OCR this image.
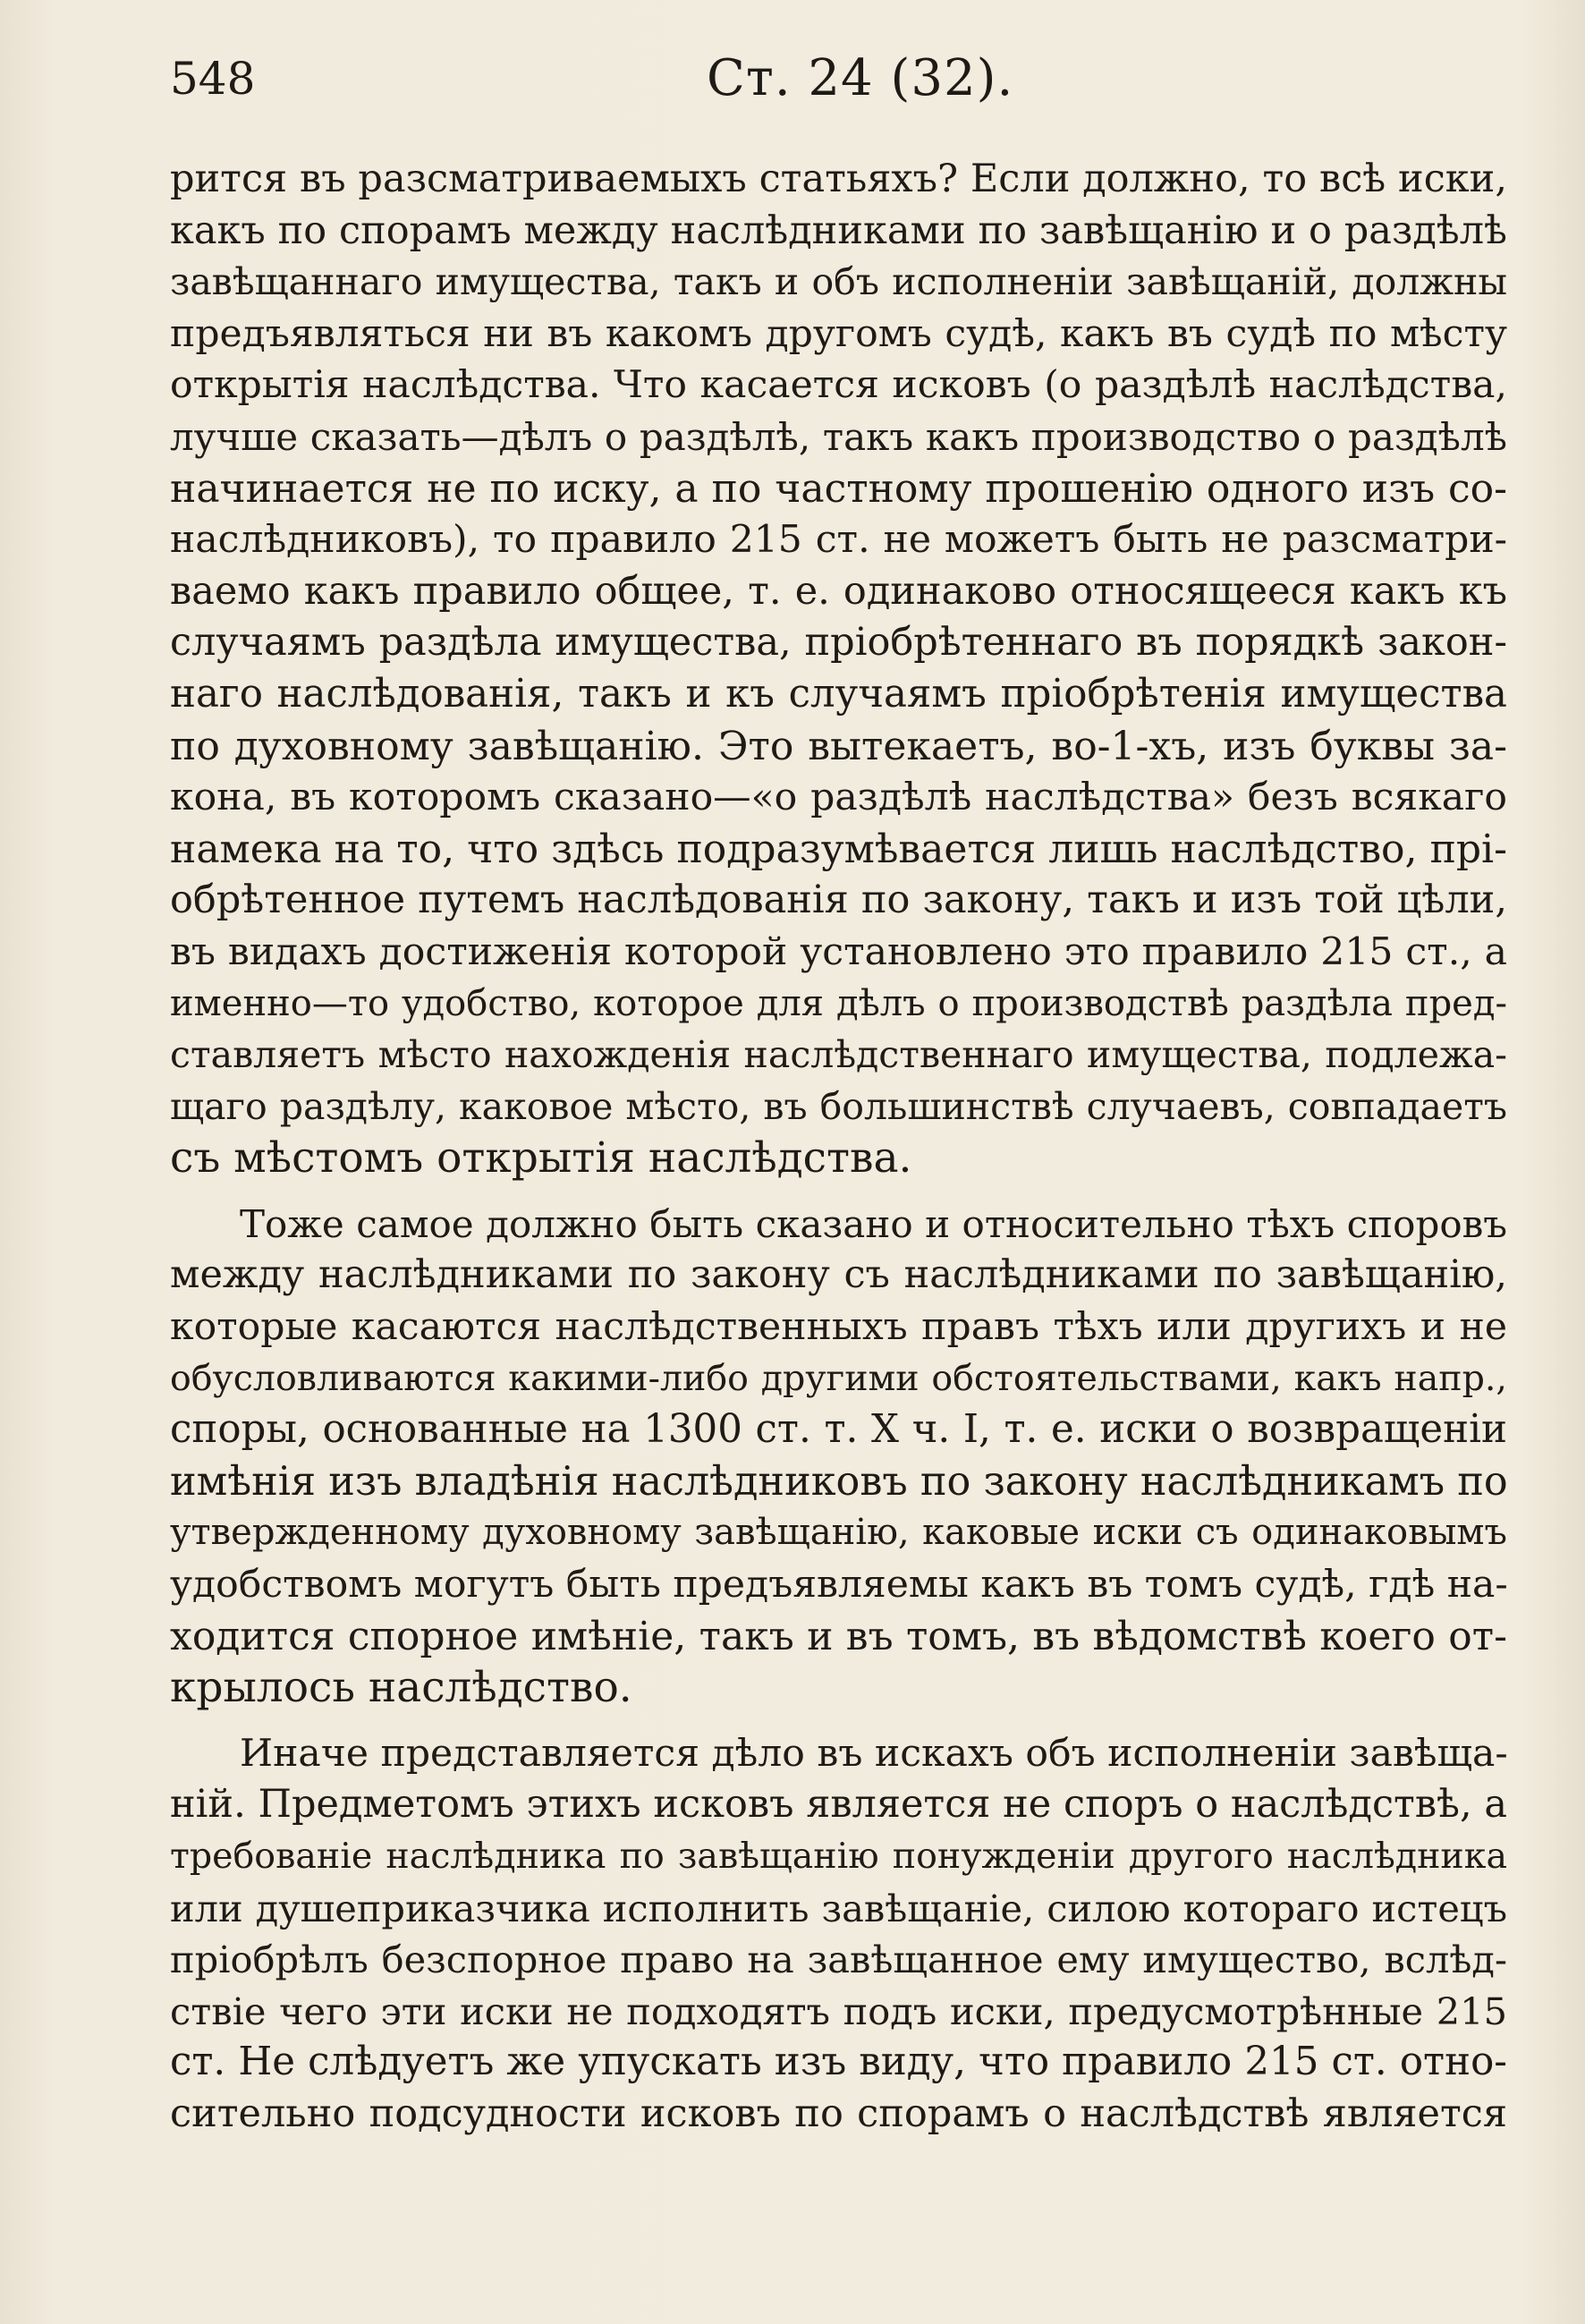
548	Ст. 24 (32).

рится въ разсматриваемыхъ статьяхъ? Если должно, то всѣ иски,
какъ по спорамъ между наслѣдниками по завѣщанію и о раздѣлѣ
завѣщаннаго имущества, такъ и объ исполненіи завѣщаній, должны
предъявляться ни въ какомъ другомъ судѣ, какъ въ судѣ по мѣсту
открытія наслѣдства. Что касается исковъ (о раздѣлѣ наслѣдства,
лучше сказать—дѣлъ о раздѣлѣ, такъ какъ производство о раздѣлѣ
начинается не по иску, а по частному прошенію одного изъ со-
наслѣдниковъ), то правило 215 ст. не можетъ быть не разсматри-
ваемо какъ правило общее, т. е. одинаково относящееся какъ къ
случаямъ раздѣла имущества, пріобрѣтеннаго въ порядкѣ закон-
наго наслѣдованія, такъ и къ случаямъ пріобрѣтенія имущества
по духовному завѣщанію. Это вытекаетъ, во-1-хъ, изъ буквы за-
кона, въ которомъ сказано—«о раздѣлѣ наслѣдства» безъ всякаго
намека на то, что здѣсь подразумѣвается лишь наслѣдство, прі-
обрѣтенное путемъ наслѣдованія по закону, такъ и изъ той цѣли,
въ видахъ достиженія которой установлено это правило 215 ст., а
именно—то удобство, которое для дѣлъ о производствѣ раздѣла пред-
ставляетъ мѣсто нахожденія наслѣдственнаго имущества, подлежа-
щаго раздѣлу, каковое мѣсто, въ большинствѣ случаевъ, совпадаетъ
съ мѣстомъ открытія наслѣдства.

Тоже самое должно быть сказано и относительно тѣхъ споровъ
между наслѣдниками по закону съ наслѣдниками по завѣщанію,
которые касаются наслѣдственныхъ правъ тѣхъ или другихъ и не
обусловливаются какими-либо другими обстоятельствами, какъ напр.,
споры, основанные на 1300 ст. т. X ч. I, т. е. иски о возвращеніи
имѣнія изъ владѣнія наслѣдниковъ по закону наслѣдникамъ по
утвержденному духовному завѣщанію, каковые иски съ одинаковымъ
удобствомъ могутъ быть предъявляемы какъ въ томъ судѣ, гдѣ на-
ходится спорное имѣніе, такъ и въ томъ, въ вѣдомствѣ коего от-
крылось наслѣдство.

Иначе представляется дѣло въ искахъ объ исполненіи завѣща-
ній. Предметомъ этихъ исковъ является не споръ о наслѣдствѣ, а
требованіе наслѣдника по завѣщанію понужденіи другого наслѣдника
или душеприказчика исполнить завѣщаніе, силою котораго истецъ
пріобрѣлъ безспорное право на завѣщанное ему имущество, вслѣд-
ствіе чего эти иски не подходятъ подъ иски, предусмотрѣнные 215
ст. Не слѣдуетъ же упускать изъ виду, что правило 215 ст. отно-
сительно подсудности исковъ по спорамъ о наслѣдствѣ является
